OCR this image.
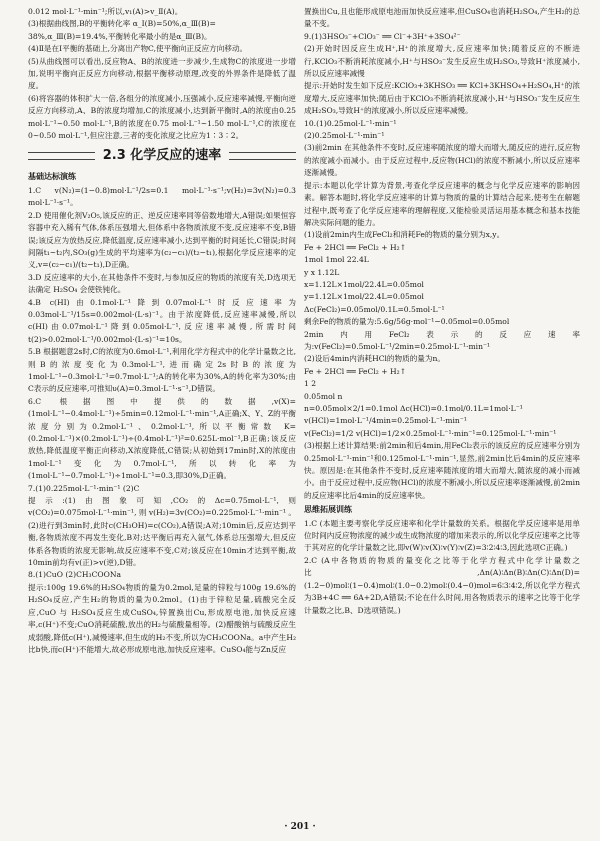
0.012 mol·L⁻¹·min⁻¹;所以,v₁(A)>v_Ⅱ(A)。

(3)根据曲线图,B的平衡转化率 α_Ⅰ(B)=50%,α_Ⅲ(B)=

38%,α_Ⅲ(B)=19.4%,平衡转化率最小的是α_Ⅲ(B)。

(4)Ⅱ是在Ⅰ平衡的基础上,分离出产物C,使平衡向正反应方向移动。

(5)从曲线图可以看出,反应物A、B的浓度进一步减少,生成物C的浓度进一步增加,说明平衡向正反应方向移动,根据平衡移动原理,改变的外界条件是降低了温度。

(6)将容器的体积扩大一倍,各组分的浓度减小,压强减小,反应速率减慢,平衡向逆反应方向移动,A、B的浓度均增加,C的浓度减小,达到新平衡时,A的浓度由0.25 mol·L⁻¹~0.50 mol·L⁻¹,B的浓度在0.75 mol·L⁻¹~1.50 mol·L⁻¹,C的浓度在0~0.50 mol·L⁻¹,但应注意,三者的变化浓度之比应为1∶3∶2。

2.3 化学反应的速率
基础达标演练

1.C v(N₂)=(1−0.8)mol·L⁻¹/2s=0.1 mol·L⁻¹·s⁻¹;v(H₂)=3v(N₂)=0.3 mol·L⁻¹·s⁻¹。

2.D 使用催化剂V₂O₅,该反应的正、逆反应速率同等倍数地增大,A错误;如果恒容容器中充入稀有气体,体系压强增大,但体系中各物质浓度不变,反应速率不变,B错误;该反应为放热反应,降低温度,反应速率减小,达到平衡的时间延长,C错误;时间间隔t₁~t₂内,SO₃(g)生成的平均速率为(c₂−c₁)/(t₂−t₁),根据化学反应速率的定义,v=(c₂−c₁)/(t₂−t₁),D正确。

3.D 反应速率的大小,在其他条件不变时,与参加反应的物质的浓度有关,D选项无法确定 H₂SO₄ 会使铁钝化。

4.B c(HI)由0.1mol·L⁻¹降到0.07mol·L⁻¹时反应速率为 0.03mol·L⁻¹/15s=0.002mol·(L·s)⁻¹。由于浓度降低,反应速率减慢,所以c(HI)由0.07mol·L⁻¹降到0.05mol·L⁻¹,反应速率减慢,所需时间t(2)>0.02mol·L⁻¹/0.002mol·(L·s)⁻¹=10s。

5.B 根据题意2s时,C的浓度为0.6mol·L⁻¹,利用化学方程式中的化学计量数之比,则B的浓度变化为0.3mol·L⁻¹,进而确定2s时B的浓度为1mol·L⁻¹−0.3mol·L⁻¹=0.7mol·L⁻¹;A的转化率为30%,A的转化率为30%;由C表示的反应速率,可推知υ(A)=0.3mol·L⁻¹·s⁻¹,D错误。

6.C 根据图中提供的数据,v(X)=(1mol·L⁻¹−0.4mol·L⁻¹)÷5min=0.12mol·L⁻¹·min⁻¹,A正确;X、Y、Z的平衡浓度分别为0.2mol·L⁻¹、0.2mol·L⁻¹,所以平衡常数 K=(0.2mol·L⁻¹)×(0.2mol·L⁻¹)÷(0.4mol·L⁻¹)²=0.625L·mol⁻¹,B正确;该反应放热,降低温度平衡正向移动,X浓度降低,C错误;从初始到17min时,X的浓度由1mol·L⁻¹变化为0.7mol·L⁻¹,所以转化率为(1mol·L⁻¹−0.7mol·L⁻¹)÷1mol·L⁻¹=0.3,即30%,D正确。

7.(1)0.225mol·L⁻¹·min⁻¹ (2)C

提示:(1)由图象可知,CO₂的Δc=0.75mol·L⁻¹,则v(CO₂)=0.075mol·L⁻¹·min⁻¹,则v(H₂)=3v(CO₂)=0.225mol·L⁻¹·min⁻¹。(2)进行到3min时,此时c(CH₃OH)=c(CO₂),A错误;A对;10min后,反应达到平衡,各物质浓度不再发生变化,B对;达平衡后再充入氩气,体系总压强增大,但反应体系各物质的浓度无影响,故反应速率不变,C对;该反应在10min才达到平衡,故10min前均有v(正)>v(逆),D错。

8.(1)CuO (2)CH₃COONa

提示:100g 19.6%的H₂SO₄物质的量为0.2mol,足量的锌粒与100g 19.6%的H₂SO₄反应,产生H₂的物质的量为0.2mol。(1)由于锌粒足量,硫酸完全反应,CuO 与 H₂SO₄反应生成CuSO₄,锌置换出Cu,形成原电池,加快反应速率,c(H⁺)不变;CuO消耗硫酸,放出的H₂与硫酸量相等。(2)醋酸钠与硫酸反应生成弱酸,降低c(H⁺),减慢速率,但生成的H₂不变,所以为CH₃COONa。a中产生H₂比b快,而c(H⁺)不能增大,故必形成原电池,加快反应速率。CuSO₄能与Zn反应

置换出Cu,且也能形成原电池而加快反应速率,但CuSO₄也消耗H₂SO₄,产生H₂的总量不变。

9.(1)3HSO₃⁻+ClO₃⁻ ══ Cl⁻+3H⁺+3SO₄²⁻

(2)开始时因反应生成H⁺,H⁺的浓度增大,反应速率加快;随着反应的不断进行,KClO₃不断消耗浓度减小,H⁺与HSO₃⁻发生反应生成H₂SO₃,导致H⁺浓度减小,所以反应速率减慢

提示:开始时发生如下反应:KClO₃+3KHSO₃ ══ KCl+3KHSO₄+H₂SO₄,H⁺的浓度增大,反应速率加快;随后由于KClO₃不断消耗浓度减小,H⁺与HSO₃⁻发生反应生成H₂SO₃,导致H⁺的浓度减小,所以反应速率减慢。

10.(1)0.25mol·L⁻¹·min⁻¹

(2)0.25mol·L⁻¹·min⁻¹

(3)前2min 在其他条件不变时,反应速率随浓度的增大而增大,随反应的进行,反应物的浓度减小而减小。由于反应过程中,反应物(HCl)的浓度不断减小,所以反应速率逐渐减慢。

提示:本题以化学计算为背景,考查化学反应速率的概念与化学反应速率的影响因素。解答本题时,将化学反应速率的计算与物质的量的计算结合起来,使考生在解题过程中,既考查了化学反应速率的理解程度,又能检验灵活运用基本概念和基本技能解决实际问题的能力。

(1)设前2min内生成FeCl₂和消耗Fe的物质的量分别为x,y。

Fe + 2HCl ══ FeCl₂ + H₂↑

1mol 1mol 22.4L

y x 1.12L

x=1.12L×1mol/22.4L=0.05mol

y=1.12L×1mol/22.4L=0.05mol

Δc(FeCl₂)=0.05mol/0.1L=0.5mol·L⁻¹

剩余Fe的物质的量为:5.6g/56g·mol⁻¹−0.05mol=0.05mol

2min内用FeCl₂表示的反应速率为:v(FeCl₂)=0.5mol·L⁻¹/2min=0.25mol·L⁻¹·min⁻¹

(2)设后4min内消耗HCl的物质的量为n。

Fe + 2HCl ══ FeCl₂ + H₂↑

1 2

0.05mol n

n=0.05mol×2/1=0.1mol Δc(HCl)=0.1mol/0.1L=1mol·L⁻¹

v(HCl)=1mol·L⁻¹/4min=0.25mol·L⁻¹·min⁻¹

v(FeCl₂)=1/2 v(HCl)=1/2×0.25mol·L⁻¹·min⁻¹=0.125mol·L⁻¹·min⁻¹

(3)根据上述计算结果:前2min和后4min,用FeCl₂表示的该反应的反应速率分别为0.25mol·L⁻¹·min⁻¹和0.125mol·L⁻¹·min⁻¹,显然,前2min比后4min的反应速率快。原因是:在其他条件不变时,反应速率随浓度的增大而增大,随浓度的减小而减小。由于反应过程中,反应物(HCl)的浓度不断减小,所以反应速率逐渐减慢,前2min的反应速率比后4min的反应速率快。

思维拓展训练

1.C (本题主要考察化学反应速率和化学计量数的关系。根据化学反应速率是用单位时间内反应物浓度的减少或生成物浓度的增加来表示的,所以化学反应速率之比等于其对应的化学计量数之比,即v(W)∶v(X)∶v(Y)∶v(Z)=3∶2∶4∶3,因此选项C正确。)

2.C (A中各物质的物质的量变化之比等于化学方程式中化学计量数之比,Δn(A)∶Δn(B)∶Δn(C)∶Δn(D)=(1.2−0)mol∶(1−0.4)mol∶(1.0−0.2)mol∶(0.4−0)mol=6∶3∶4∶2,所以化学方程式为3B+4C ══ 6A+2D,A错误;不论在什么时间,用各物质表示的速率之比等于化学计量数之比,B、D选项错误。)

· 201 ·
